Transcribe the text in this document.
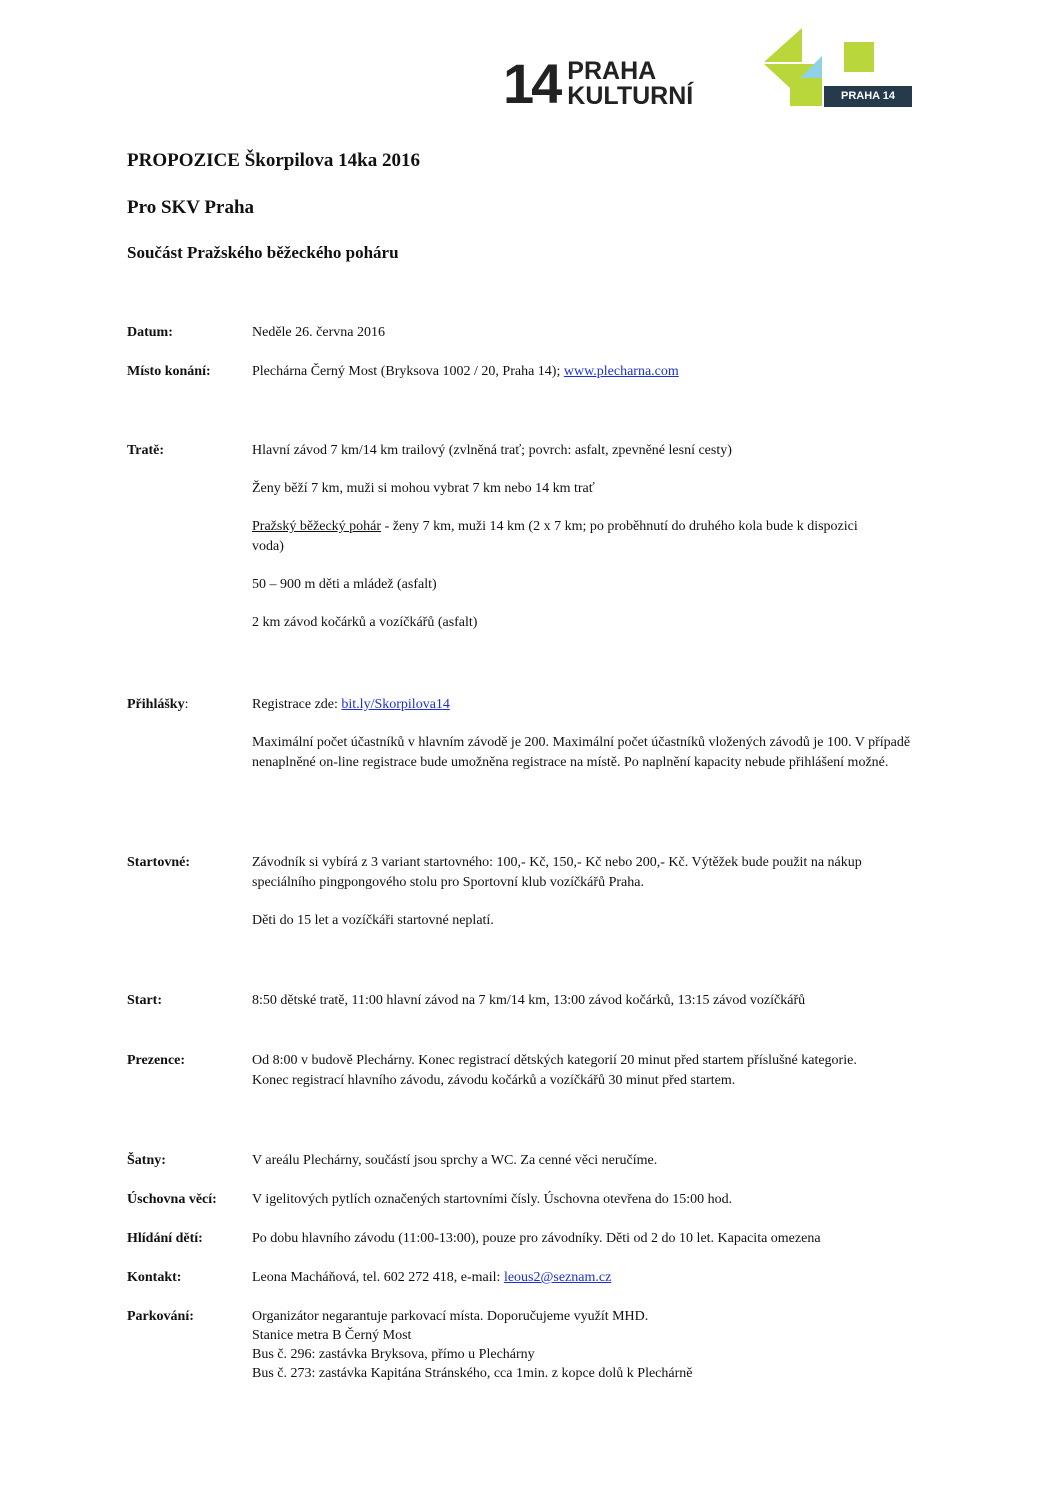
14 PRAHA
KULTURNÍ	PRAHA 14
PROPOZICE Škorpilova 14ka 2016
Pro SKV Praha
Součást Pražského běžeckého poháru
Datum:	Neděle 26. června 2016
Místo konání:	Plechárna Černý Most (Bryksova 1002 / 20, Praha 14); www.plecharna.com
Tratě:	Hlavní závod 7 km/14 km trailový (zvlněná trať; povrch: asfalt, zpevněné lesní cesty)

Ženy běží 7 km, muži si mohou vybrat 7 km nebo 14 km trať

Pražský běžecký pohár - ženy 7 km, muži 14 km (2 x 7 km; po proběhnutí do druhého kola bude k dispozici voda)

50 – 900 m děti a mládež (asfalt)

2 km závod kočárků a vozíčkářů (asfalt)

Přihlášky:	Registrace zde: bit.ly/Skorpilova14

Maximální počet účastníků v hlavním závodě je 200. Maximální počet účastníků vložených závodů je 100. V případě nenaplněné on-line registrace bude umožněna registrace na místě. Po naplnění kapacity nebude přihlášení možné.

Startovné:	Závodník si vybírá z 3 variant startovného: 100,- Kč, 150,- Kč nebo 200,- Kč. Výtěžek bude použit na nákup speciálního pingpongového stolu pro Sportovní klub vozíčkářů Praha.

Děti do 15 let a vozíčkáři startovné neplatí.

Start:	8:50 dětské tratě, 11:00 hlavní závod na 7 km/14 km, 13:00 závod kočárků, 13:15 závod vozíčkářů
Prezence:	Od 8:00 v budově Plechárny. Konec registrací dětských kategorií 20 minut před startem příslušné kategorie. Konec registrací hlavního závodu, závodu kočárků a vozíčkářů 30 minut před startem.
Šatny:	V areálu Plechárny, součástí jsou sprchy a WC. Za cenné věci neručíme.
Úschovna věcí:	V igelitových pytlích označených startovními čísly. Úschovna otevřena do 15:00 hod.
Hlídání dětí:	Po dobu hlavního závodu (11:00-13:00), pouze pro závodníky. Děti od 2 do 10 let. Kapacita omezena
Kontakt:	Leona Macháňová, tel. 602 272 418, e-mail: leous2@seznam.cz
Parkování:	Organizátor negarantuje parkovací místa. Doporučujeme využít MHD.
Stanice metra B Černý Most
Bus č. 296: zastávka Bryksova, přímo u Plechárny
Bus č. 273: zastávka Kapitána Stránského, cca 1min. z kopce dolů k Plechárně
